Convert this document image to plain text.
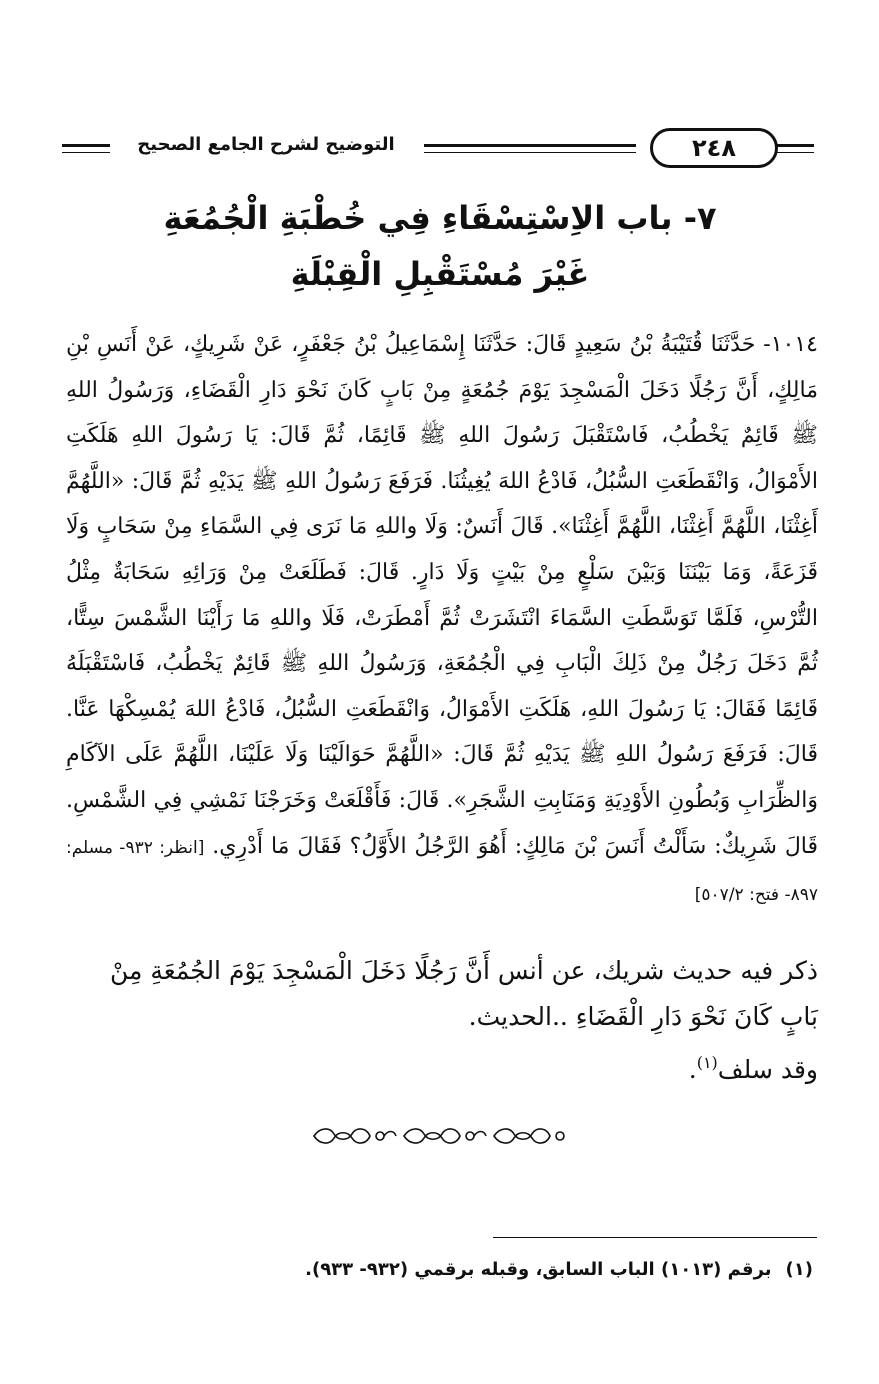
٢٤٨
التوضيح لشرح الجامع الصحيح
٧- باب الاِسْتِسْقَاءِ فِي خُطْبَةِ الْجُمُعَةِ
غَيْرَ مُسْتَقْبِلِ الْقِبْلَةِ
١٠١٤- حَدَّثَنَا قُتَيْبَةُ بْنُ سَعِيدٍ قَالَ: حَدَّثَنَا إِسْمَاعِيلُ بْنُ جَعْفَرٍ، عَنْ شَرِيكٍ، عَنْ أَنَسِ بْنِ مَالِكٍ، أَنَّ رَجُلًا دَخَلَ الْمَسْجِدَ يَوْمَ جُمُعَةٍ مِنْ بَابٍ كَانَ نَحْوَ دَارِ الْقَضَاءِ، وَرَسُولُ اللهِ ﷺ قَائِمٌ يَخْطُبُ، فَاسْتَقْبَلَ رَسُولَ اللهِ ﷺ قَائِمًا، ثُمَّ قَالَ: يَا رَسُولَ اللهِ هَلَكَتِ الأَمْوَالُ، وَانْقَطَعَتِ السُّبُلُ، فَادْعُ اللهَ يُغِيثُنَا. فَرَفَعَ رَسُولُ اللهِ ﷺ يَدَيْهِ ثُمَّ قَالَ: «اللَّهُمَّ أَغِثْنَا، اللَّهُمَّ أَغِثْنَا، اللَّهُمَّ أَغِثْنَا». قَالَ أَنَسٌ: وَلَا واللهِ مَا نَرَى فِي السَّمَاءِ مِنْ سَحَابٍ وَلَا قَزَعَةً، وَمَا بَيْنَنَا وَبَيْنَ سَلْعٍ مِنْ بَيْتٍ وَلَا دَارٍ. قَالَ: فَطَلَعَتْ مِنْ وَرَائِهِ سَحَابَةٌ مِثْلُ التُّرْسِ، فَلَمَّا تَوَسَّطَتِ السَّمَاءَ انْتَشَرَتْ ثُمَّ أَمْطَرَتْ، فَلَا واللهِ مَا رَأَيْنَا الشَّمْسَ سِتًّا، ثُمَّ دَخَلَ رَجُلٌ مِنْ ذَلِكَ الْبَابِ فِي الْجُمُعَةِ، وَرَسُولُ اللهِ ﷺ قَائِمٌ يَخْطُبُ، فَاسْتَقْبَلَهُ قَائِمًا فَقَالَ: يَا رَسُولَ اللهِ، هَلَكَتِ الأَمْوَالُ، وَانْقَطَعَتِ السُّبُلُ، فَادْعُ اللهَ يُمْسِكْهَا عَنَّا. قَالَ: فَرَفَعَ رَسُولُ اللهِ ﷺ يَدَيْهِ ثُمَّ قَالَ: «اللَّهُمَّ حَوَالَيْنَا وَلَا عَلَيْنَا، اللَّهُمَّ عَلَى الآكَامِ وَالظِّرَابِ وَبُطُونِ الأَوْدِيَةِ وَمَنَابِتِ الشَّجَرِ». قَالَ: فَأَقْلَعَتْ وَخَرَجْنَا نَمْشِي فِي الشَّمْسِ. قَالَ شَرِيكٌ: سَأَلْتُ أَنَسَ بْنَ مَالِكٍ: أَهُوَ الرَّجُلُ الأَوَّلُ؟ فَقَالَ مَا أَدْرِي. [انظر: ٩٣٢- مسلم: ٨٩٧- فتح: ٥٠٧/٢]

ذكر فيه حديث شريك، عن أنس أَنَّ رَجُلًا دَخَلَ الْمَسْجِدَ يَوْمَ الجُمُعَةِ مِنْ بَابٍ كَانَ نَحْوَ دَارِ الْقَضَاءِ ..الحديث.

وقد سلف$^{(١)}$.

(١)برقم (١٠١٣) الباب السابق، وقبله برقمي (٩٣٢- ٩٣٣).
